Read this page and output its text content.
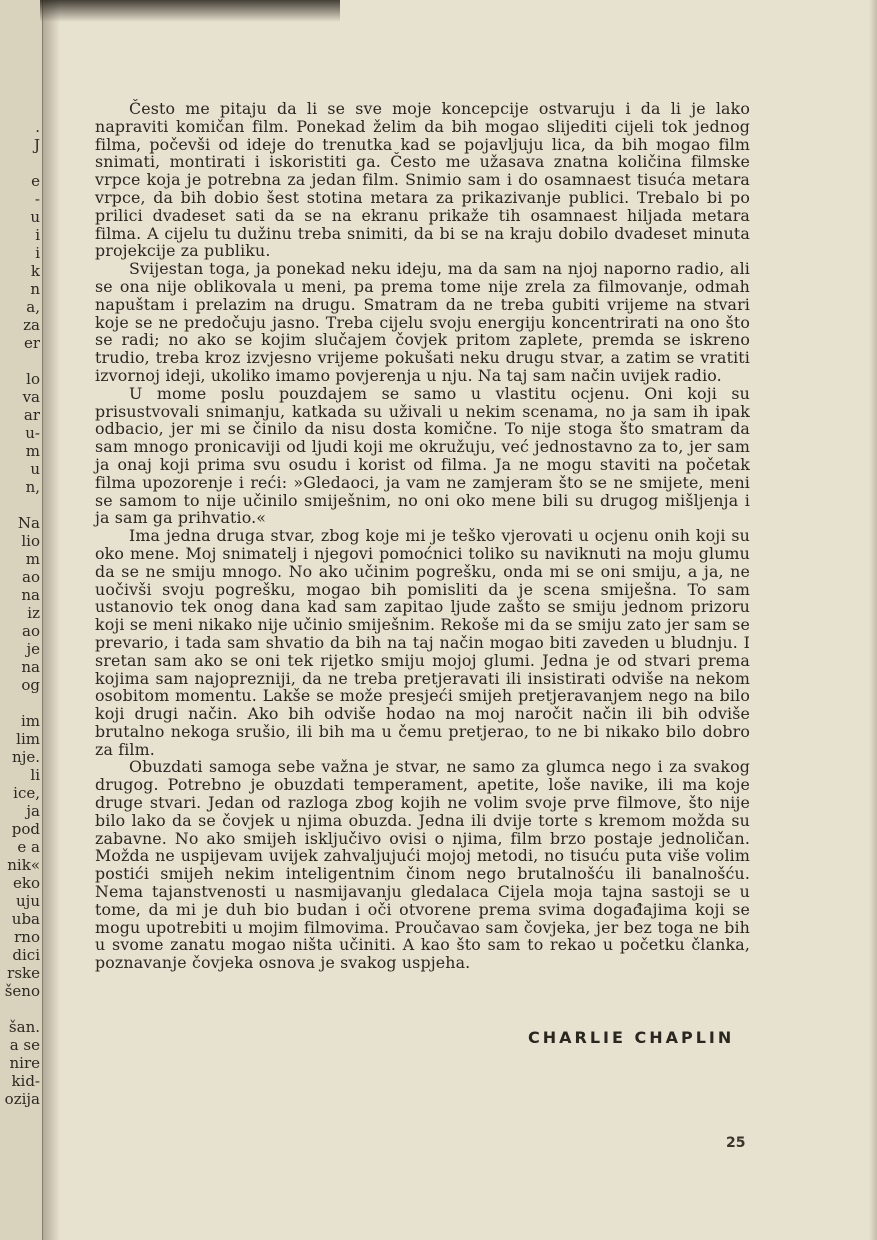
.
J
e
-
u
i
i
k
n
a,
za
er
lo
va
ar
u-
m
u
n,
Na
lio
m
ao
na
iz
ao
je
na
og
im
lim
nje.
li
ice,
ja
pod
e a
nik«
eko
uju
uba
rno
dici
rske
šeno
šan.
a se
nire
kid-
ozija

Često me pitaju da li se sve moje koncepcije ostvaruju i da li je lako napraviti komičan film. Ponekad želim da bih mogao slijediti cijeli tok jednog filma, počevši od ideje do trenutka kad se pojavljuju lica, da bih mogao film snimati, montirati i iskoristiti ga. Često me užasava znatna količina filmske vrpce koja je potrebna za jedan film. Snimio sam i do osamnaest tisuća metara vrpce, da bih dobio šest stotina metara za prikazivanje publici. Trebalo bi po prilici dvadeset sati da se na ekranu prikaže tih osamnaest hiljada metara filma. A cijelu tu dužinu treba snimiti, da bi se na kraju dobilo dvadeset minuta projekcije za publiku.

Svijestan toga, ja ponekad neku ideju, ma da sam na njoj naporno radio, ali se ona nije oblikovala u meni, pa prema tome nije zrela za filmovanje, odmah napuštam i prelazim na drugu. Smatram da ne treba gubiti vrijeme na stvari koje se ne predočuju jasno. Treba cijelu svoju energiju koncentrirati na ono što se radi; no ako se kojim slučajem čovjek pritom zaplete, premda se iskreno trudio, treba kroz izvjesno vrijeme pokušati neku drugu stvar, a zatim se vratiti izvornoj ideji, ukoliko imamo povjerenja u nju. Na taj sam način uvijek radio.

U mome poslu pouzdajem se samo u vlastitu ocjenu. Oni koji su prisustvovali snimanju, katkada su uživali u nekim scenama, no ja sam ih ipak odbacio, jer mi se činilo da nisu dosta komične. To nije stoga što smatram da sam mnogo pronicaviji od ljudi koji me okružuju, već jednostavno za to, jer sam ja onaj koji prima svu osudu i korist od filma. Ja ne mogu staviti na početak filma upozorenje i reći: »Gledaoci, ja vam ne zamjeram što se ne smijete, meni se samom to nije učinilo smiješnim, no oni oko mene bili su drugog mišljenja i ja sam ga prihvatio.«

Ima jedna druga stvar, zbog koje mi je teško vjerovati u ocjenu onih koji su oko mene. Moj snimatelj i njegovi pomoćnici toliko su naviknuti na moju glumu da se ne smiju mnogo. No ako učinim pogrešku, onda mi se oni smiju, a ja, ne uočivši svoju pogrešku, mogao bih pomisliti da je scena smiješna. To sam ustanovio tek onog dana kad sam zapitao ljude zašto se smiju jednom prizoru koji se meni nikako nije učinio smiješnim. Rekoše mi da se smiju zato jer sam se prevario, i tada sam shvatio da bih na taj način mogao biti zaveden u bludnju. I sretan sam ako se oni tek rijetko smiju mojoj glumi. Jedna je od stvari prema kojima sam najoprezniji, da ne treba pretjeravati ili insistirati odviše na nekom osobitom momentu. Lakše se može presjeći smijeh pretjeravanjem nego na bilo koji drugi način. Ako bih odviše hodao na moj naročit način ili bih odviše brutalno nekoga srušio, ili bih ma u čemu pretjerao, to ne bi nikako bilo dobro za film.

Obuzdati samoga sebe važna je stvar, ne samo za glumca nego i za svakog drugog. Potrebno je obuzdati temperament, apetite, loše navike, ili ma koje druge stvari. Jedan od razloga zbog kojih ne volim svoje prve filmove, što nije bilo lako da se čovjek u njima obuzda. Jedna ili dvije torte s kremom možda su zabavne. No ako smijeh isključivo ovisi o njima, film brzo postaje jednoličan. Možda ne uspijevam uvijek zahvaljujući mojoj metodi, no tisuću puta više volim postići smijeh nekim inteligentnim činom nego brutalnošću ili banalnošću. Nema tajanstvenosti u nasmijavanju gledalaca Cijela moja tajna sastoji se u tome, da mi je duh bio budan i oči otvorene prema svima događajima koji se mogu upotrebiti u mojim filmovima. Proučavao sam čovjeka, jer bez toga ne bih u svome zanatu mogao ništa učiniti. A kao što sam to rekao u početku članka, poznavanje čovjeka osnova je svakog uspjeha.

CHARLIE CHAPLIN
25
